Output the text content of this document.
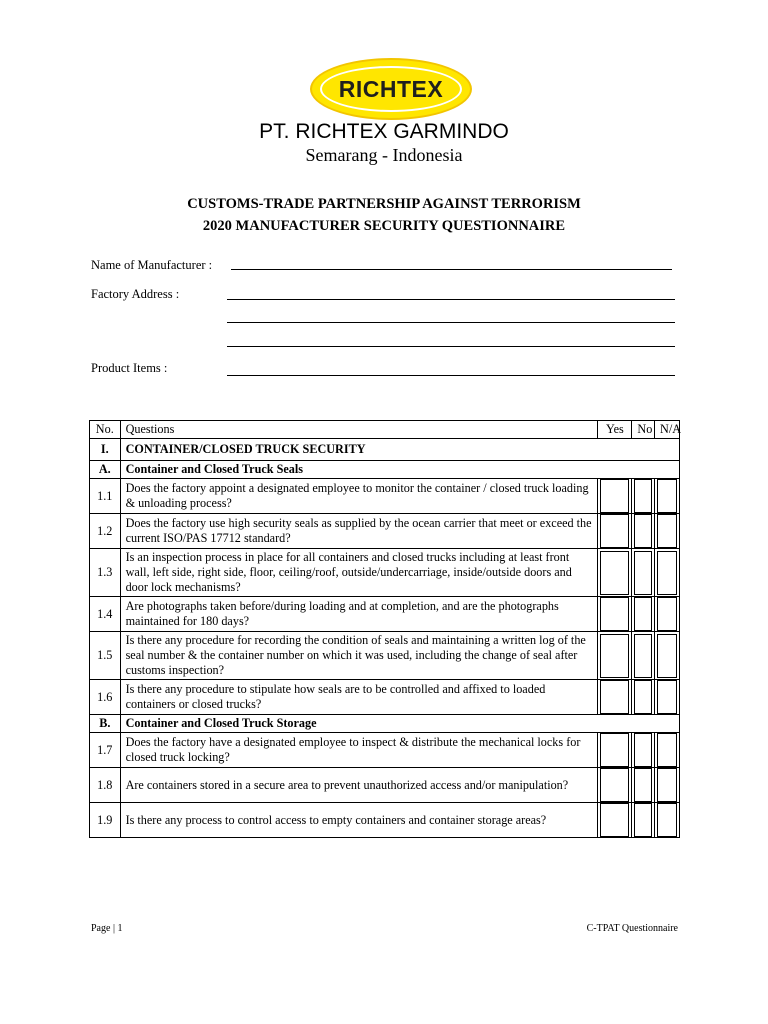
RICHTEX
PT. RICHTEX GARMINDO
Semarang - Indonesia
CUSTOMS-TRADE PARTNERSHIP AGAINST TERRORISM
2020 MANUFACTURER SECURITY QUESTIONNAIRE
Name of Manufacturer :
Factory Address :
Product Items :
No.	Questions	Yes	No	N/A
I.	CONTAINER/CLOSED TRUCK SECURITY			
A.	Container and Closed Truck Seals			
1.1	Does the factory appoint a designated employee to monitor the container / closed truck loading & unloading process?	

1.2	Does the factory use high security seals as supplied by the ocean carrier that meet or exceed the current ISO/PAS 17712 standard?	

1.3	Is an inspection process in place for all containers and closed trucks including at least front wall, left side, right side, floor, ceiling/roof, outside/undercarriage, inside/outside doors and door lock mechanisms?	

1.4	Are photographs taken before/during loading and at completion, and are the photographs maintained for 180 days?	

1.5	Is there any procedure for recording the condition of seals and maintaining a written log of the seal number & the container number on which it was used, including the change of seal after customs inspection?	

1.6	Is there any procedure to stipulate how seals are to be controlled and affixed to loaded containers or closed trucks?	

B.	Container and Closed Truck Storage			
1.7	Does the factory have a designated employee to inspect & distribute the mechanical locks for closed truck locking?	

1.8	Are containers stored in a secure area to prevent unauthorized access and/or manipulation?	

1.9	Is there any process to control access to empty containers and container storage areas?	

Page | 1	C-TPAT Questionnaire
